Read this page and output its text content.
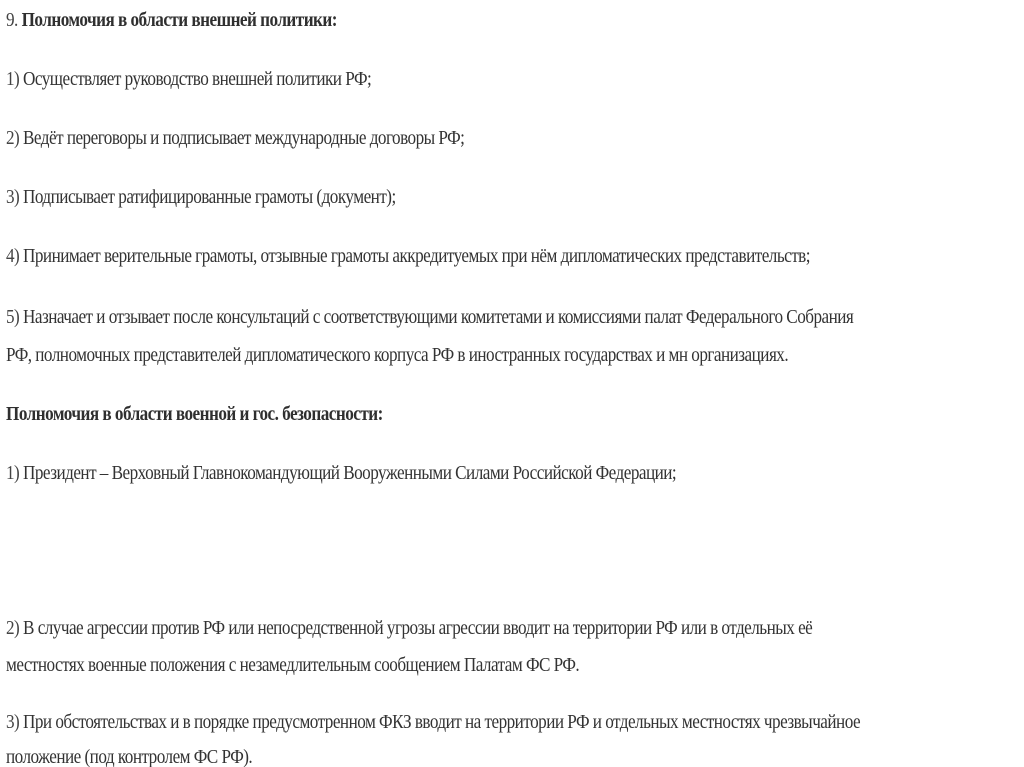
9. Полномочия в области внешней политики:
1) Осуществляет руководство внешней политики РФ;
2) Ведёт переговоры и подписывает международные договоры РФ;
3) Подписывает ратифицированные грамоты (документ);
4) Принимает верительные грамоты, отзывные грамоты аккредитуемых при нём дипломатических представительств;
5) Назначает и отзывает после консультаций с соответствующими комитетами и комиссиями палат Федерального Собрания
РФ, полномочных представителей дипломатического корпуса РФ в иностранных государствах и мн организациях.
Полномочия в области военной и гос. безопасности:
1) Президент – Верховный Главнокомандующий Вооруженными Силами Российской Федерации;
2) В случае агрессии против РФ или непосредственной угрозы агрессии вводит на территории РФ или в отдельных её
местностях военные положения с незамедлительным сообщением Палатам ФС РФ.
3) При обстоятельствах и в порядке предусмотренном ФКЗ вводит на территории РФ и отдельных местностях чрезвычайное
положение (под контролем ФС РФ).
